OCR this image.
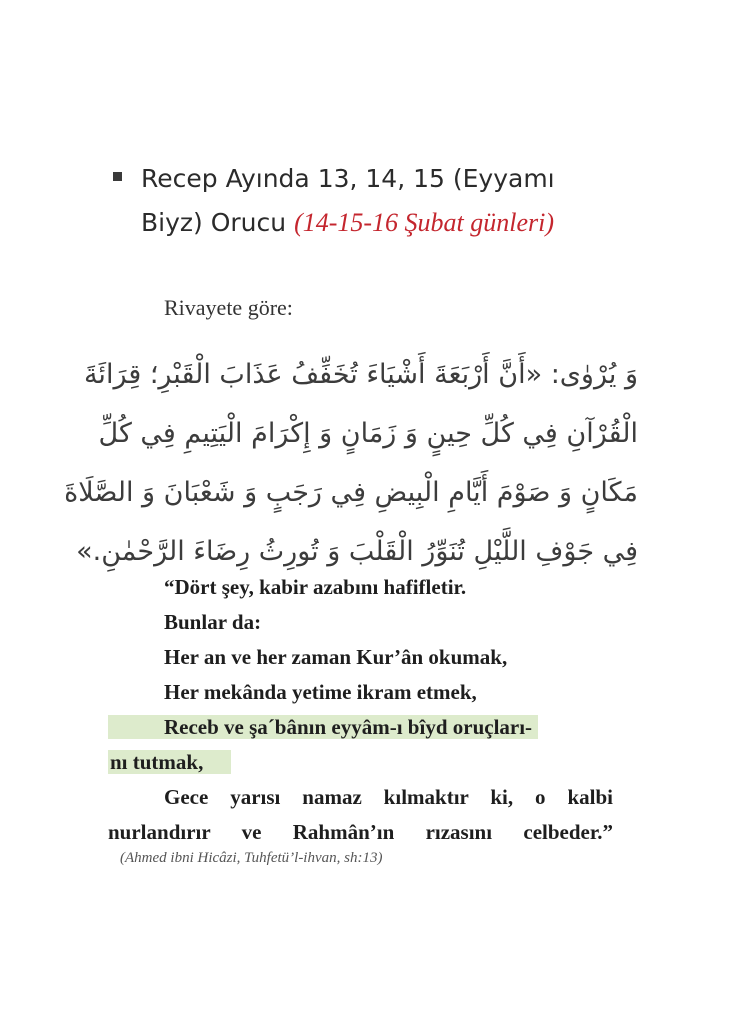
Recep Ayında 13, 14, 15 (Eyyamı
Biyz) Orucu (14-15-16 Şubat günleri)
Rivayete göre:
وَ يُرْوٰى: «أَنَّ أَرْبَعَةَ أَشْيَاءَ تُخَفِّفُ عَذَابَ الْقَبْرِ؛ قِرَائَةَ
الْقُرْآنِ فِي كُلِّ حِينٍ وَ زَمَانٍ وَ إِكْرَامَ الْيَتِيمِ فِي كُلِّ
مَكَانٍ وَ صَوْمَ أَيَّامِ الْبِيضِ فِي رَجَبٍ وَ شَعْبَانَ وَ الصَّلَاةَ
فِي جَوْفِ اللَّيْلِ تُنَوِّرُ الْقَلْبَ وَ تُورِثُ رِضَاءَ الرَّحْمٰنِ.»
“Dört şey, kabir azabını hafifletir.
Bunlar da:
Her an ve her zaman Kur’ân okumak,
Her mekânda yetime ikram etmek,
Receb ve şa´bânın eyyâm-ı bîyd oruçları-
nı tutmak,
Gece yarısı namaz kılmaktır ki, o kalbi
nurlandırır ve Rahmân’ın rızasını celbeder.”
(Ahmed ibni Hicâzi, Tuhfetü’l-ihvan, sh:13)
